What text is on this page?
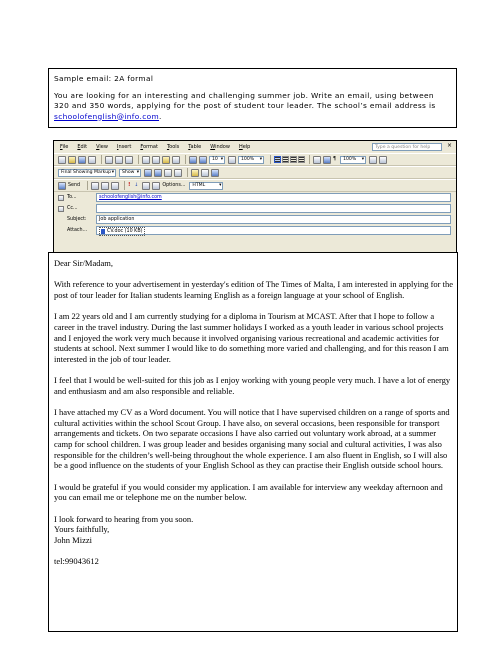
Sample email: 2A formal
You are looking for an interesting and challenging summer job. Write an email, using between 320 and 350 words, applying for the post of student tour leader. The school’s email address is schoolofenglish@info.com.
File Edit View Insert Format Tools Table Window Help	Type a question for help	×
10 ▾	100% ▾	¶	100% ▾
Final Showing Markup ▾	Show ▾
Send	! ↓	Options...	HTML ▾
To...	schoolofenglish@info.com
Cc...
Subject:	Job application
Attach...	CV.doc (10 KB)

Dear Sir/Madam,

With reference to your advertisement in yesterday's edition of The Times of Malta, I am interested in applying for the post of tour leader for Italian students learning English as a foreign language at your school of English.

I am 22 years old and I am currently studying for a diploma in Tourism at MCAST. After that I hope to follow a career in the travel industry. During the last summer holidays I worked as a youth leader in various school projects and I enjoyed the work very much because it involved organising various recreational and academic activities for students at school. Next summer I would like to do something more varied and challenging, and for this reason I am interested in the job of tour leader.

I feel that I would be well-suited for this job as I enjoy working with young people very much. I have a lot of energy and enthusiasm and am also responsible and reliable.

I have attached my CV as a Word document. You will notice that I have supervised children on a range of sports and cultural activities within the school Scout Group. I have also, on several occasions, been responsible for transport arrangements and tickets. On two separate occasions I have also carried out voluntary work abroad, at a summer camp for school children. I was group leader and besides organising many social and cultural activities, I was also responsible for the children’s well-being throughout the whole experience. I am also fluent in English, so I will also be a good influence on the students of your English School as they can practise their English outside school hours.

I would be grateful if you would consider my application. I am available for interview any weekday afternoon and you can email me or telephone me on the number below.

I look forward to hearing from you soon.

Yours faithfully,

John Mizzi

tel:99043612
